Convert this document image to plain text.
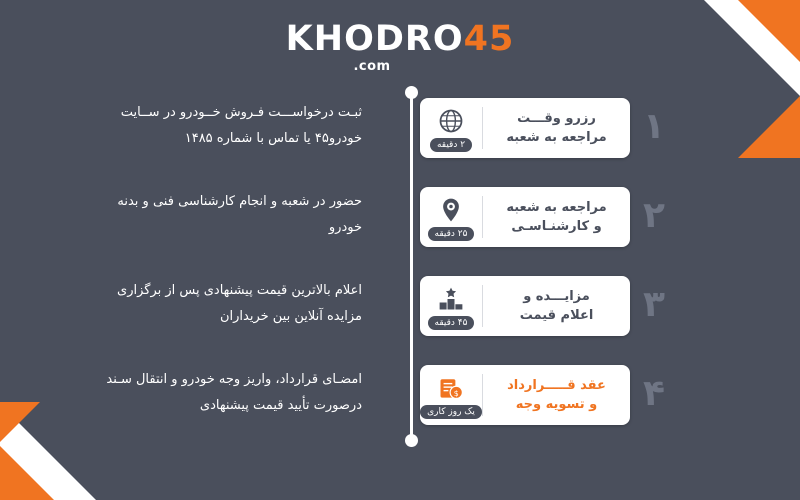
KHODRO45
.com
ثبـت درخواســـت فـروش خــودرو در ســایت
خودرو۴۵ یا تماس با شماره ۱۴۸۵	۱
۲ دقیقه
رزرو وقـــت
مراجعه به شعبه
حضور در شعبه و انجام کارشناسی فنی و بدنه
خودرو	۲
۲۵ دقیقه
مراجعه به شعبه
و کارشنـاسـی
اعلام بالاترین قیمت پیشنهادی پس از برگزاری
مزایده آنلاین بین خریداران	۳
۴۵ دقیقه
مزایـــده و
اعلام قیمت
امضـای قرارداد، واریز وجه خودرو و انتقال سـند
درصورت تأیید قیمت پیشنهادی	۴
$
یک روز کاری
عقد قـــــرارداد
و تسویه وجه
